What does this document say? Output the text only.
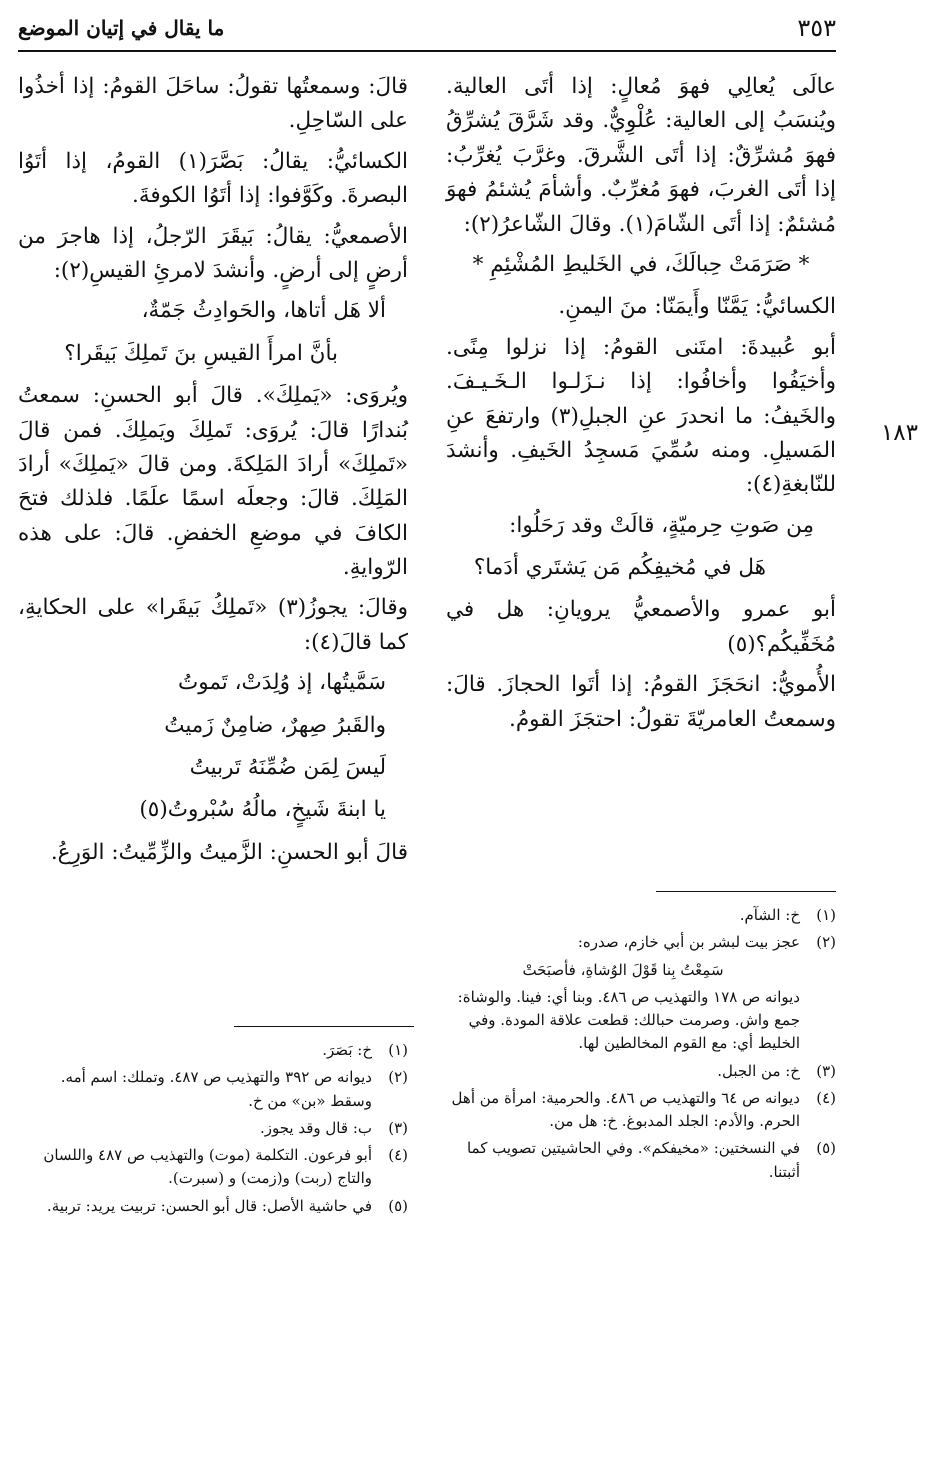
٣٥٣
ما يقال في إتيان الموضع
١٨٣

عالَى يُعالِي فهوَ مُعالٍ: إذا أتَى العالية. ويُنسَبُ إلى العالية: عُلْوِيٌّ. وقد شَرَّقَ يُشرِّقُ فهوَ مُشرِّقٌ: إذا أتَى الشَّرقَ. وغرَّبَ يُغرِّبُ: إذا أتَى الغربَ، فهوَ مُغرِّبٌ. وأشأمَ يُشئمُ فهوَ مُشئمٌ: إذا أتَى الشّامَ(١). وقالَ الشّاعرُ(٢):

* صَرَمَتْ حِبالَكَ، في الخَليطِ المُشْئِمِ *

الكسائيُّ: يَمَّنّا وأَيمَنّا: منَ اليمنِ.

أبو عُبيدةَ: امتَنى القومُ: إذا نزلوا مِنًى. وأخيَفُوا وأخافُوا: إذا نـزَلـوا الـخَـيـفَ. والخَيفُ: ما انحدرَ عنِ الجبلِ(٣) وارتفعَ عنِ المَسيلِ. ومنه سُمِّيَ مَسجِدُ الخَيفِ. وأنشدَ للنّابغةِ(٤):

مِن صَوتِ حِرميّةٍ، قالَتْ وقد رَحَلُوا:

هَل في مُخيفِكُم مَن يَشتَري أدَما؟

أبو عمرو والأصمعيُّ يرويانِ: هل في مُخَفِّيكُم؟(٥)

الأُمويُّ: انحَجَزَ القومُ: إذا أتَوا الحجازَ. قالَ: وسمعتُ العامريّةَ تقولُ: احتجَزَ القومُ.

قالَ: وسمعتُها تقولُ: ساحَلَ القومُ: إذا أخذُوا على السّاحِلِ.

الكسائيُّ: يقالُ: بَصَّرَ(١) القومُ، إذا أتَوُا البصرةَ. وكَوَّفوا: إذا أتَوُا الكوفةَ.

الأصمعيُّ: يقالُ: بَيقَرَ الرّجلُ، إذا هاجرَ من أرضٍ إلى أرضٍ. وأنشدَ لامرئِ القيسِ(٢):

ألا هَل أتاها، والحَوادِثُ جَمّةٌ،

بأنَّ امرأَ القيسِ بنَ تَملِكَ بَيقَرا؟

ويُروَى: «يَملِكَ». قالَ أبو الحسنِ: سمعتُ بُندارًا قالَ: يُروَى: تَملِكَ ويَملِكَ. فمن قالَ «تَملِكَ» أرادَ المَلِكةَ. ومن قالَ «يَملِكَ» أرادَ المَلِكَ. قالَ: وجعلَه اسمًا علَمًا. فلذلك فتحَ الكافَ في موضعِ الخفضِ. قالَ: على هذه الرّوايةِ.

وقالَ: يجوزُ(٣) «تَملِكُ بَيقَرا» على الحكايةِ، كما قالَ(٤):

سَمَّيتُها، إذ وُلِدَتْ، تَموتُ

والقَبرُ صِهرٌ، ضامِنٌ زَميتُ

لَيسَ لِمَن ضُمِّنَهُ تَربيتُ

يا ابنةَ شَيخٍ، مالُهُ سُبْروتُ(٥)

قالَ أبو الحسنِ: الزَّميتُ والزِّمِّيتُ: الوَرِعُ.

(١)
خ: الشآم.
(٢)
عجز بيت لبشر بن أبي خازم، صدره:
سَمِعْتُ بِنا قَوْلَ الوُشاةِ، فأصبَحَتْ
ديوانه ص ١٧٨ والتهذيب ص ٤٨٦. وبنا أي: فينا. والوشاة: جمع واش. وصرمت حبالك: قطعت علاقة المودة. وفي الخليط أي: مع القوم المخالطين لها.
(٣)
خ: من الجبل.
(٤)
ديوانه ص ٦٤ والتهذيب ص ٤٨٦. والحرمية: امرأة من أهل الحرم. والأدم: الجلد المدبوغ. خ: هل من.
(٥)
في النسختين: «مخيفكم». وفي الحاشيتين تصويب كما أثبتنا.
(١)
خ: بَصَرَ.
(٢)
ديوانه ص ٣٩٢ والتهذيب ص ٤٨٧. وتملك: اسم أمه. وسقط «بن» من خ.
(٣)
ب: قال وقد يجوز.
(٤)
أبو فرعون. التكلمة (موت) والتهذيب ص ٤٨٧ واللسان والتاج (ربت) و(زمت) و (سبرت).
(٥)
في حاشية الأصل: قال أبو الحسن: تربيت يريد: تربية.
